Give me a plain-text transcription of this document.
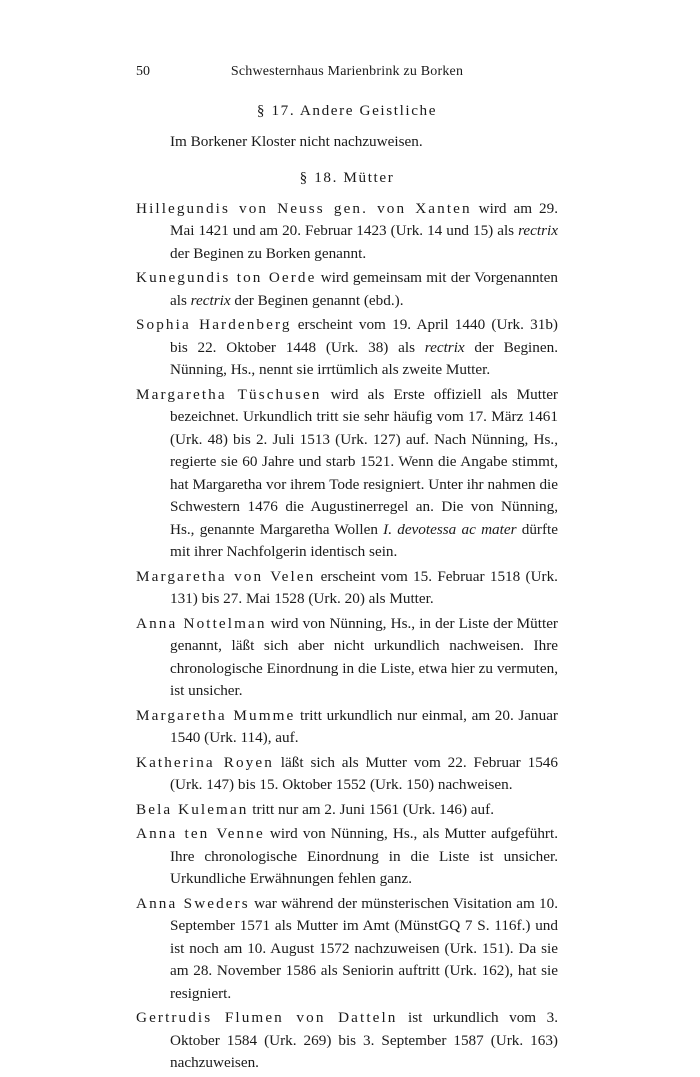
50	Schwesternhaus Marienbrink zu Borken
§ 17. Andere Geistliche
Im Borkener Kloster nicht nachzuweisen.
§ 18. Mütter

Hillegundis von Neuss gen. von Xanten wird am 29. Mai 1421 und am 20. Februar 1423 (Urk. 14 und 15) als rectrix der Beginen zu Borken genannt.

Kunegundis ton Oerde wird gemeinsam mit der Vorgenannten als rectrix der Beginen genannt (ebd.).

Sophia Hardenberg erscheint vom 19. April 1440 (Urk. 31b) bis 22. Oktober 1448 (Urk. 38) als rectrix der Beginen. Nünning, Hs., nennt sie irrtümlich als zweite Mutter.

Margaretha Tüschusen wird als Erste offiziell als Mutter bezeichnet. Urkundlich tritt sie sehr häufig vom 17. März 1461 (Urk. 48) bis 2. Juli 1513 (Urk. 127) auf. Nach Nünning, Hs., regierte sie 60 Jahre und starb 1521. Wenn die Angabe stimmt, hat Margaretha vor ihrem Tode resigniert. Unter ihr nahmen die Schwestern 1476 die Augustinerregel an. Die von Nünning, Hs., genannte Margaretha Wollen I. devotessa ac mater dürfte mit ihrer Nachfolgerin identisch sein.

Margaretha von Velen erscheint vom 15. Februar 1518 (Urk. 131) bis 27. Mai 1528 (Urk. 20) als Mutter.

Anna Nottelman wird von Nünning, Hs., in der Liste der Mütter genannt, läßt sich aber nicht urkundlich nachweisen. Ihre chronologische Einordnung in die Liste, etwa hier zu vermuten, ist unsicher.

Margaretha Mumme tritt urkundlich nur einmal, am 20. Januar 1540 (Urk. 114), auf.

Katherina Royen läßt sich als Mutter vom 22. Februar 1546 (Urk. 147) bis 15. Oktober 1552 (Urk. 150) nachweisen.

Bela Kuleman tritt nur am 2. Juni 1561 (Urk. 146) auf.

Anna ten Venne wird von Nünning, Hs., als Mutter aufgeführt. Ihre chronologische Einordnung in die Liste ist unsicher. Urkundliche Erwähnungen fehlen ganz.

Anna Sweders war während der münsterischen Visitation am 10. September 1571 als Mutter im Amt (MünstGQ 7 S. 116f.) und ist noch am 10. August 1572 nachzuweisen (Urk. 151). Da sie am 28. November 1586 als Seniorin auftritt (Urk. 162), hat sie resigniert.

Gertrudis Flumen von Datteln ist urkundlich vom 3. Oktober 1584 (Urk. 269) bis 3. September 1587 (Urk. 163) nachzuweisen.
